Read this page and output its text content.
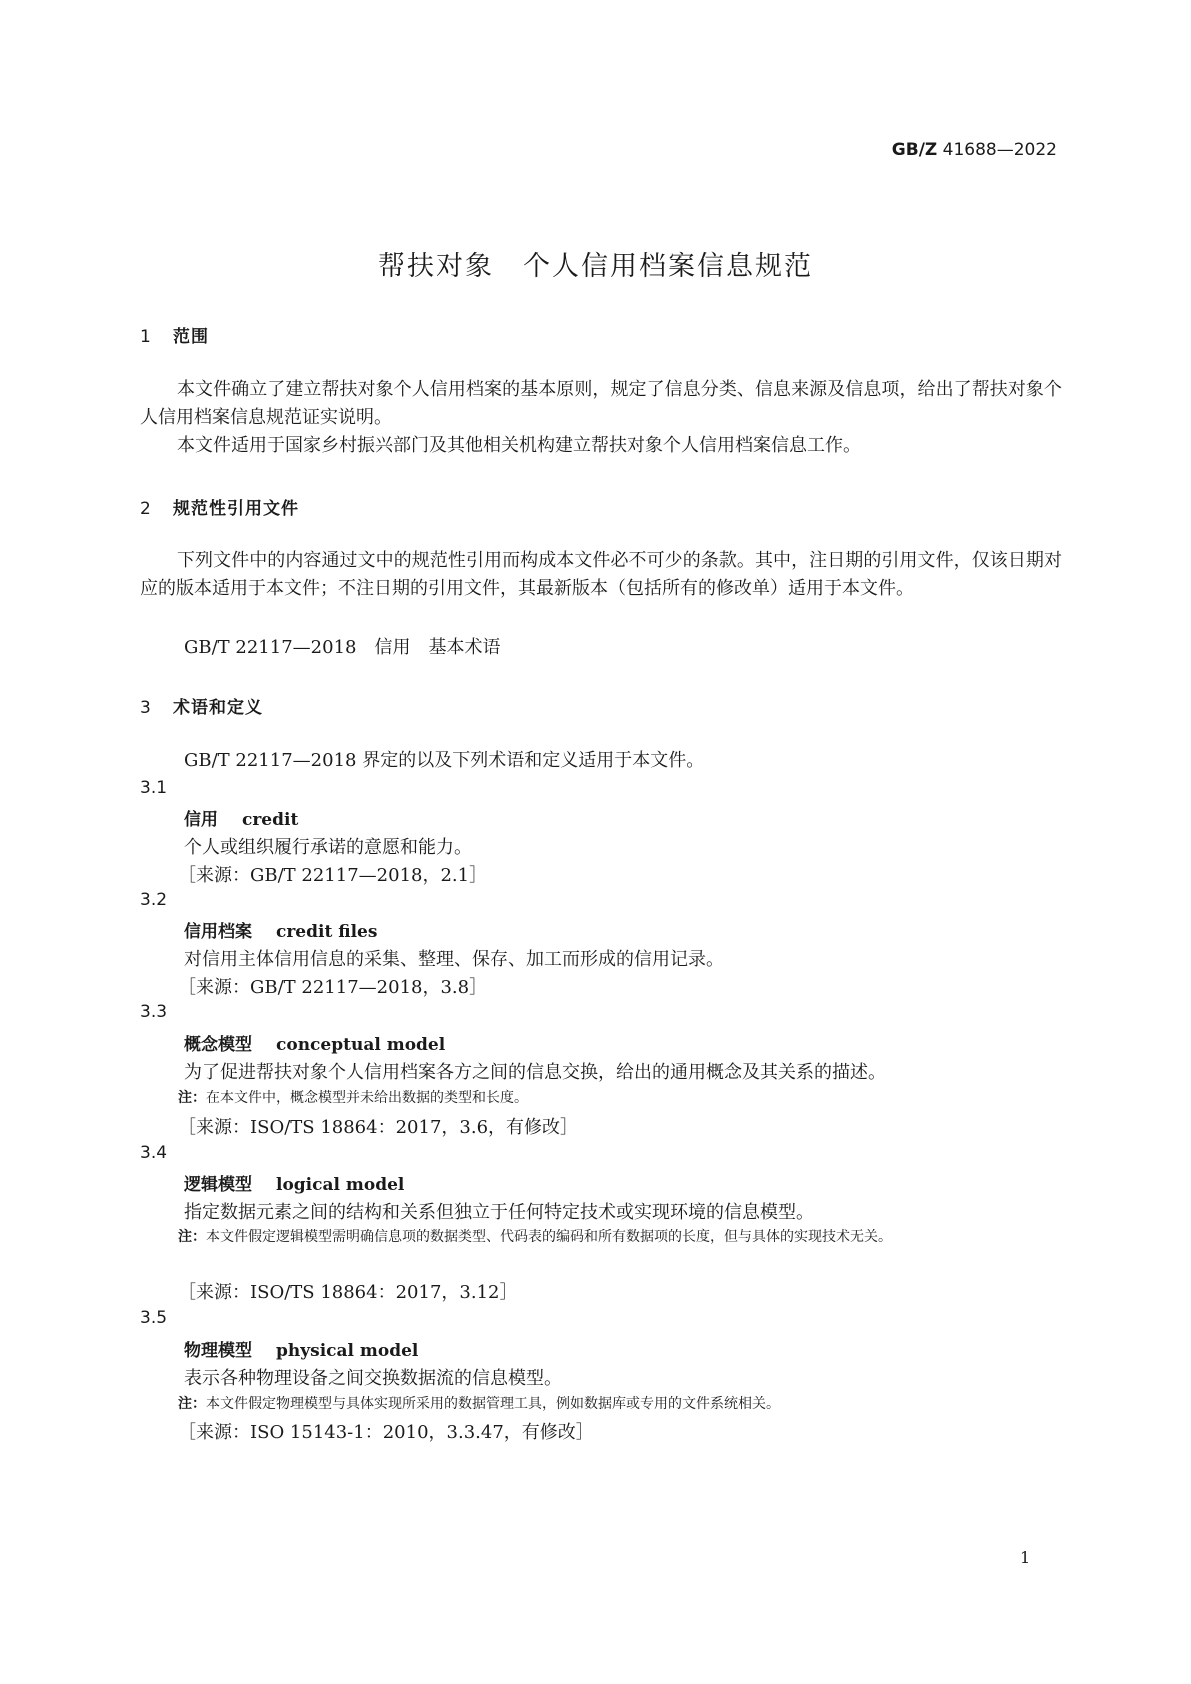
GB/Z 41688—2022
帮扶对象　个人信用档案信息规范
1 范围
本文件确立了建立帮扶对象个人信用档案的基本原则，规定了信息分类、信息来源及信息项，给出了帮扶对象个人信用档案信息规范证实说明。
本文件适用于国家乡村振兴部门及其他相关机构建立帮扶对象个人信用档案信息工作。
2 规范性引用文件
下列文件中的内容通过文中的规范性引用而构成本文件必不可少的条款。其中，注日期的引用文件，仅该日期对应的版本适用于本文件；不注日期的引用文件，其最新版本（包括所有的修改单）适用于本文件。
GB/T 22117—2018　信用　基本术语
3 术语和定义
GB/T 22117—2018 界定的以及下列术语和定义适用于本文件。
3.1
信用 credit
个人或组织履行承诺的意愿和能力。
［来源：GB/T 22117—2018，2.1］
3.2
信用档案 credit files
对信用主体信用信息的采集、整理、保存、加工而形成的信用记录。
［来源：GB/T 22117—2018，3.8］
3.3
概念模型 conceptual model
为了促进帮扶对象个人信用档案各方之间的信息交换，给出的通用概念及其关系的描述。
注：在本文件中，概念模型并未给出数据的类型和长度。
［来源：ISO/TS 18864：2017，3.6，有修改］
3.4
逻辑模型 logical model
指定数据元素之间的结构和关系但独立于任何特定技术或实现环境的信息模型。
注：本文件假定逻辑模型需明确信息项的数据类型、代码表的编码和所有数据项的长度，但与具体的实现技术无关。
［来源：ISO/TS 18864：2017，3.12］
3.5
物理模型 physical model
表示各种物理设备之间交换数据流的信息模型。
注：本文件假定物理模型与具体实现所采用的数据管理工具，例如数据库或专用的文件系统相关。
［来源：ISO 15143-1：2010，3.3.47，有修改］
1
